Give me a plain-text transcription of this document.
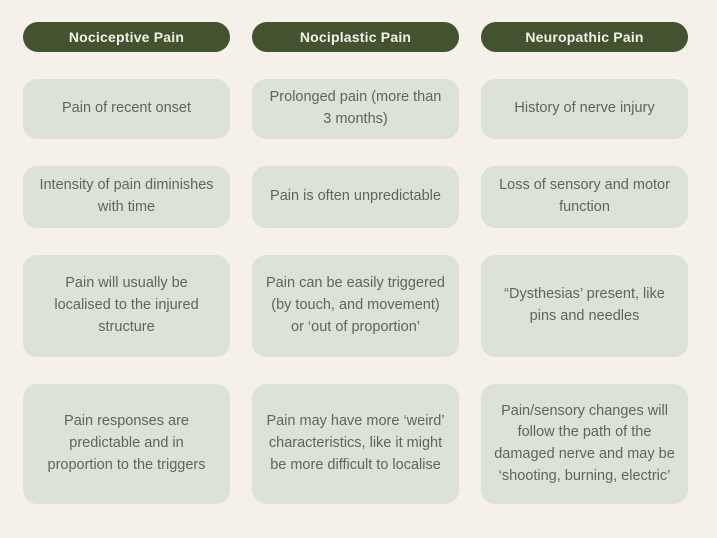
Nociceptive Pain
Pain of recent onset
Intensity of pain diminishes with time
Pain will usually be localised to the injured structure
Pain responses are predictable and in proportion to the triggers
Nociplastic Pain
Prolonged pain (more than 3 months)
Pain is often unpredictable
Pain can be easily triggered (by touch, and movement) or ‘out of proportion’
Pain may have more ‘weird’ characteristics, like it might be more difficult to localise
Neuropathic Pain
History of nerve injury
Loss of sensory and motor function
“Dysthesias’ present, like pins and needles
Pain/sensory changes will follow the path of the damaged nerve and may be ‘shooting, burning, electric’
